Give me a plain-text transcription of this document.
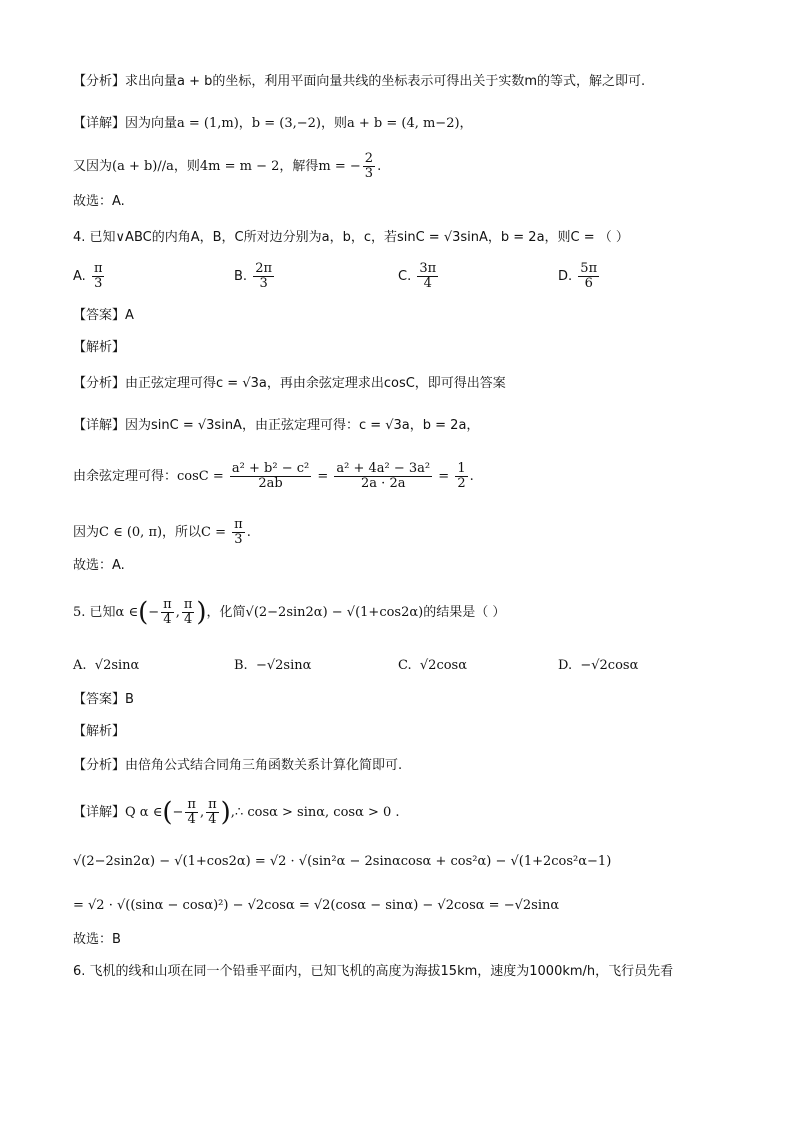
【分析】求出向量a + b的坐标，利用平面向量共线的坐标表示可得出关于实数m的等式，解之即可.
【详解】因为向量a = (1,m)，b = (3,−2)，则a + b = (4, m−2)，
又因为(a + b)//a，则4m = m − 2，解得m = − $\frac{2}{3}$ .
故选：A.
4. 已知∨ABC的内角A，B，C所对边分别为a，b，c，若sinC = √3sinA，b = 2a，则C = （ ）
A. $\frac{\pi}{3}$	B. $\frac{2\pi}{3}$	C. $\frac{3\pi}{4}$	D. $\frac{5\pi}{6}$
【答案】A
【解析】
【分析】由正弦定理可得c = √3a，再由余弦定理求出cosC，即可得出答案
【详解】因为sinC = √3sinA，由正弦定理可得：c = √3a，b = 2a，
由余弦定理可得：$\cos C = \frac{\text{a² + b² − c²}}{2ab} = \frac{\text{a² + 4a² − 3a²}}{2a \cdot 2a} = \frac{1}{2}$ .
因为C ∈ (0, π)，所以$C = \frac{\pi}{3}$ .
故选：A.
5. 已知α ∈(− $\frac{\pi}{4}$ , $\frac{\pi}{4}$ )，化简√(2−2sin2α) − √(1+cos2α)的结果是（ ）
A. √2sinα	B. −√2sinα	C. √2cosα	D. −√2cosα
【答案】B
【解析】
【分析】由倍角公式结合同角三角函数关系计算化简即可.
【详解】Q α ∈(− $\frac{\pi}{4}$ , $\frac{\pi}{4}$ ),∴ cosα > sinα, cosα > 0 .
√(2−2sin2α) − √(1+cos2α) = √2 · √(sin²α − 2sinαcosα + cos²α) − √(1+2cos²α−1)
= √2 · √((sinα − cosα)²) − √2cosα = √2(cosα − sinα) − √2cosα = −√2sinα
故选：B
6. 飞机的线和山项在同一个铅垂平面内，已知飞机的高度为海拔15km，速度为1000km/h，飞行员先看
